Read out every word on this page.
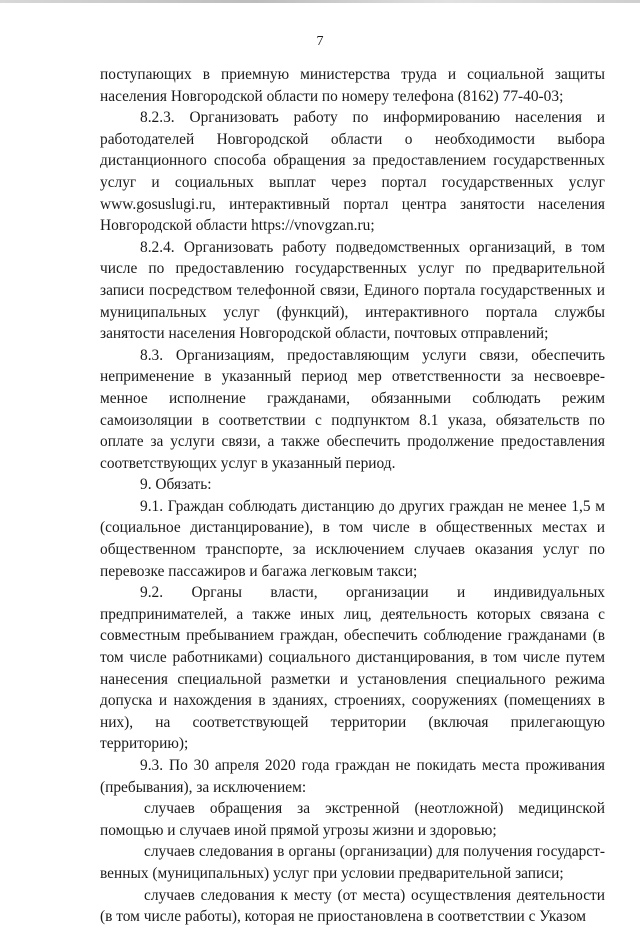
7

поступающих в приемную министерства труда и социальной защиты населения Новгородской области по номеру телефона (8162) 77-40-03;

8.2.3. Организовать работу по информированию населения и работодателей Новгородской области о необходимости выбора дистанционного способа обращения за предоставлением государственных услуг и социальных выплат через портал государственных услуг www.gosuslugi.ru, интерактивный портал центра занятости населения Новгородской области https://vnovgzan.ru;

8.2.4. Организовать работу подведомственных организаций, в том числе по предоставлению государственных услуг по предварительной записи посредством телефонной связи, Единого портала государственных и муниципальных услуг (функций), интерактивного портала службы занятости населения Новгородской области, почтовых отправлений;

8.3. Организациям, предоставляющим услуги связи, обеспечить неприменение в указанный период мер ответственности за несвоевре-менное исполнение гражданами, обязанными соблюдать режим самоизоляции в соответствии с подпунктом 8.1 указа, обязательств по оплате за услуги связи, а также обеспечить продолжение предоставления соответствующих услуг в указанный период.

9. Обязать:

9.1. Граждан соблюдать дистанцию до других граждан не менее 1,5 м (социальное дистанцирование), в том числе в общественных местах и общественном транспорте, за исключением случаев оказания услуг по перевозке пассажиров и багажа легковым такси;

9.2. Органы власти, организации и индивидуальных предпринимателей, а также иных лиц, деятельность которых связана с совместным пребыванием граждан, обеспечить соблюдение гражданами (в том числе работниками) социального дистанцирования, в том числе путем нанесения специальной разметки и установления специального режима допуска и нахождения в зданиях, строениях, сооружениях (помещениях в них), на соответствующей территории (включая прилегающую территорию);

9.3. По 30 апреля 2020 года граждан не покидать места проживания (пребывания), за исключением:

случаев обращения за экстренной (неотложной) медицинской помощью и случаев иной прямой угрозы жизни и здоровью;

случаев следования в органы (организации) для получения государст-венных (муниципальных) услуг при условии предварительной записи;

случаев следования к месту (от места) осуществления деятельности (в том числе работы), которая не приостановлена в соответствии с Указом
